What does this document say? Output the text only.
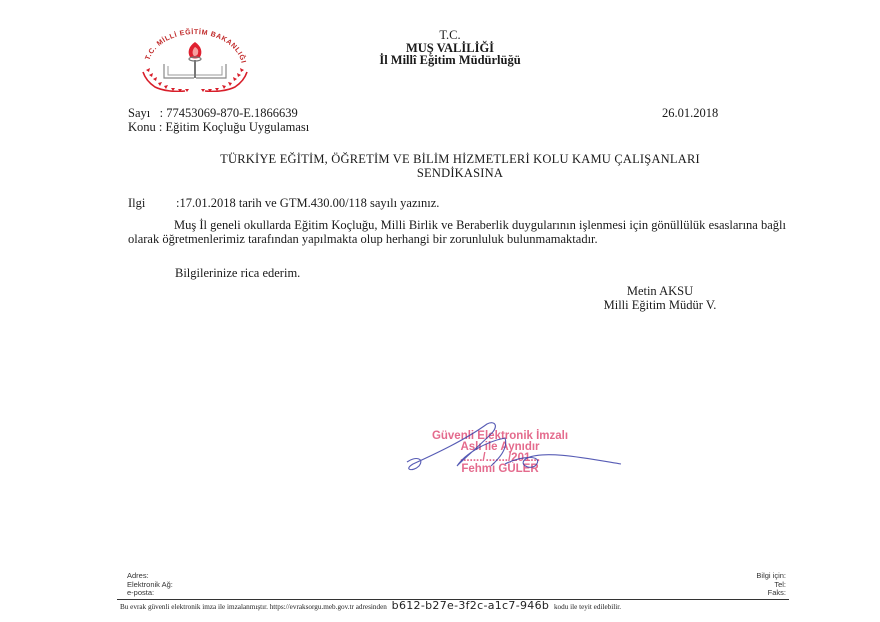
T.C. MİLLİ EĞİTİM BAKANLIĞI
T.C.
MUŞ VALİLİĞİ
İl Millî Eğitim Müdürlüğü
Sayı   : 77453069-870-E.1866639
Konu : Eğitim Koçluğu Uygulaması
26.01.2018
TÜRKİYE EĞİTİM, ÖĞRETİM VE BİLİM HİZMETLERİ KOLU KAMU ÇALIŞANLARI
SENDİKASINA
Ilgi :17.01.2018 tarih ve GTM.430.00/118 sayılı yazınız.
Muş İl geneli okullarda Eğitim Koçluğu, Milli Birlik ve Beraberlik duygularının işlenmesi için gönüllülük esaslarına bağlı olarak öğretmenlerimiz tarafından yapılmakta olup herhangi bir zorunluluk bulunmamaktadır.
Bilgilerinize rica ederim.
Metin AKSU
Milli Eğitim Müdür V.
Güvenli Elektronik İmzalı
Aslı ile Aynıdır
......./......./201...
Fehmi GÜLER
Adres:
Elektronik Ağ:
e-posta:
Bilgi için:
Tel:
Faks:
Bu evrak güvenli elektronik imza ile imzalanmıştır. https://evraksorgu.meb.gov.tr adresinden b612-b27e-3f2c-a1c7-946b kodu ile teyit edilebilir.
